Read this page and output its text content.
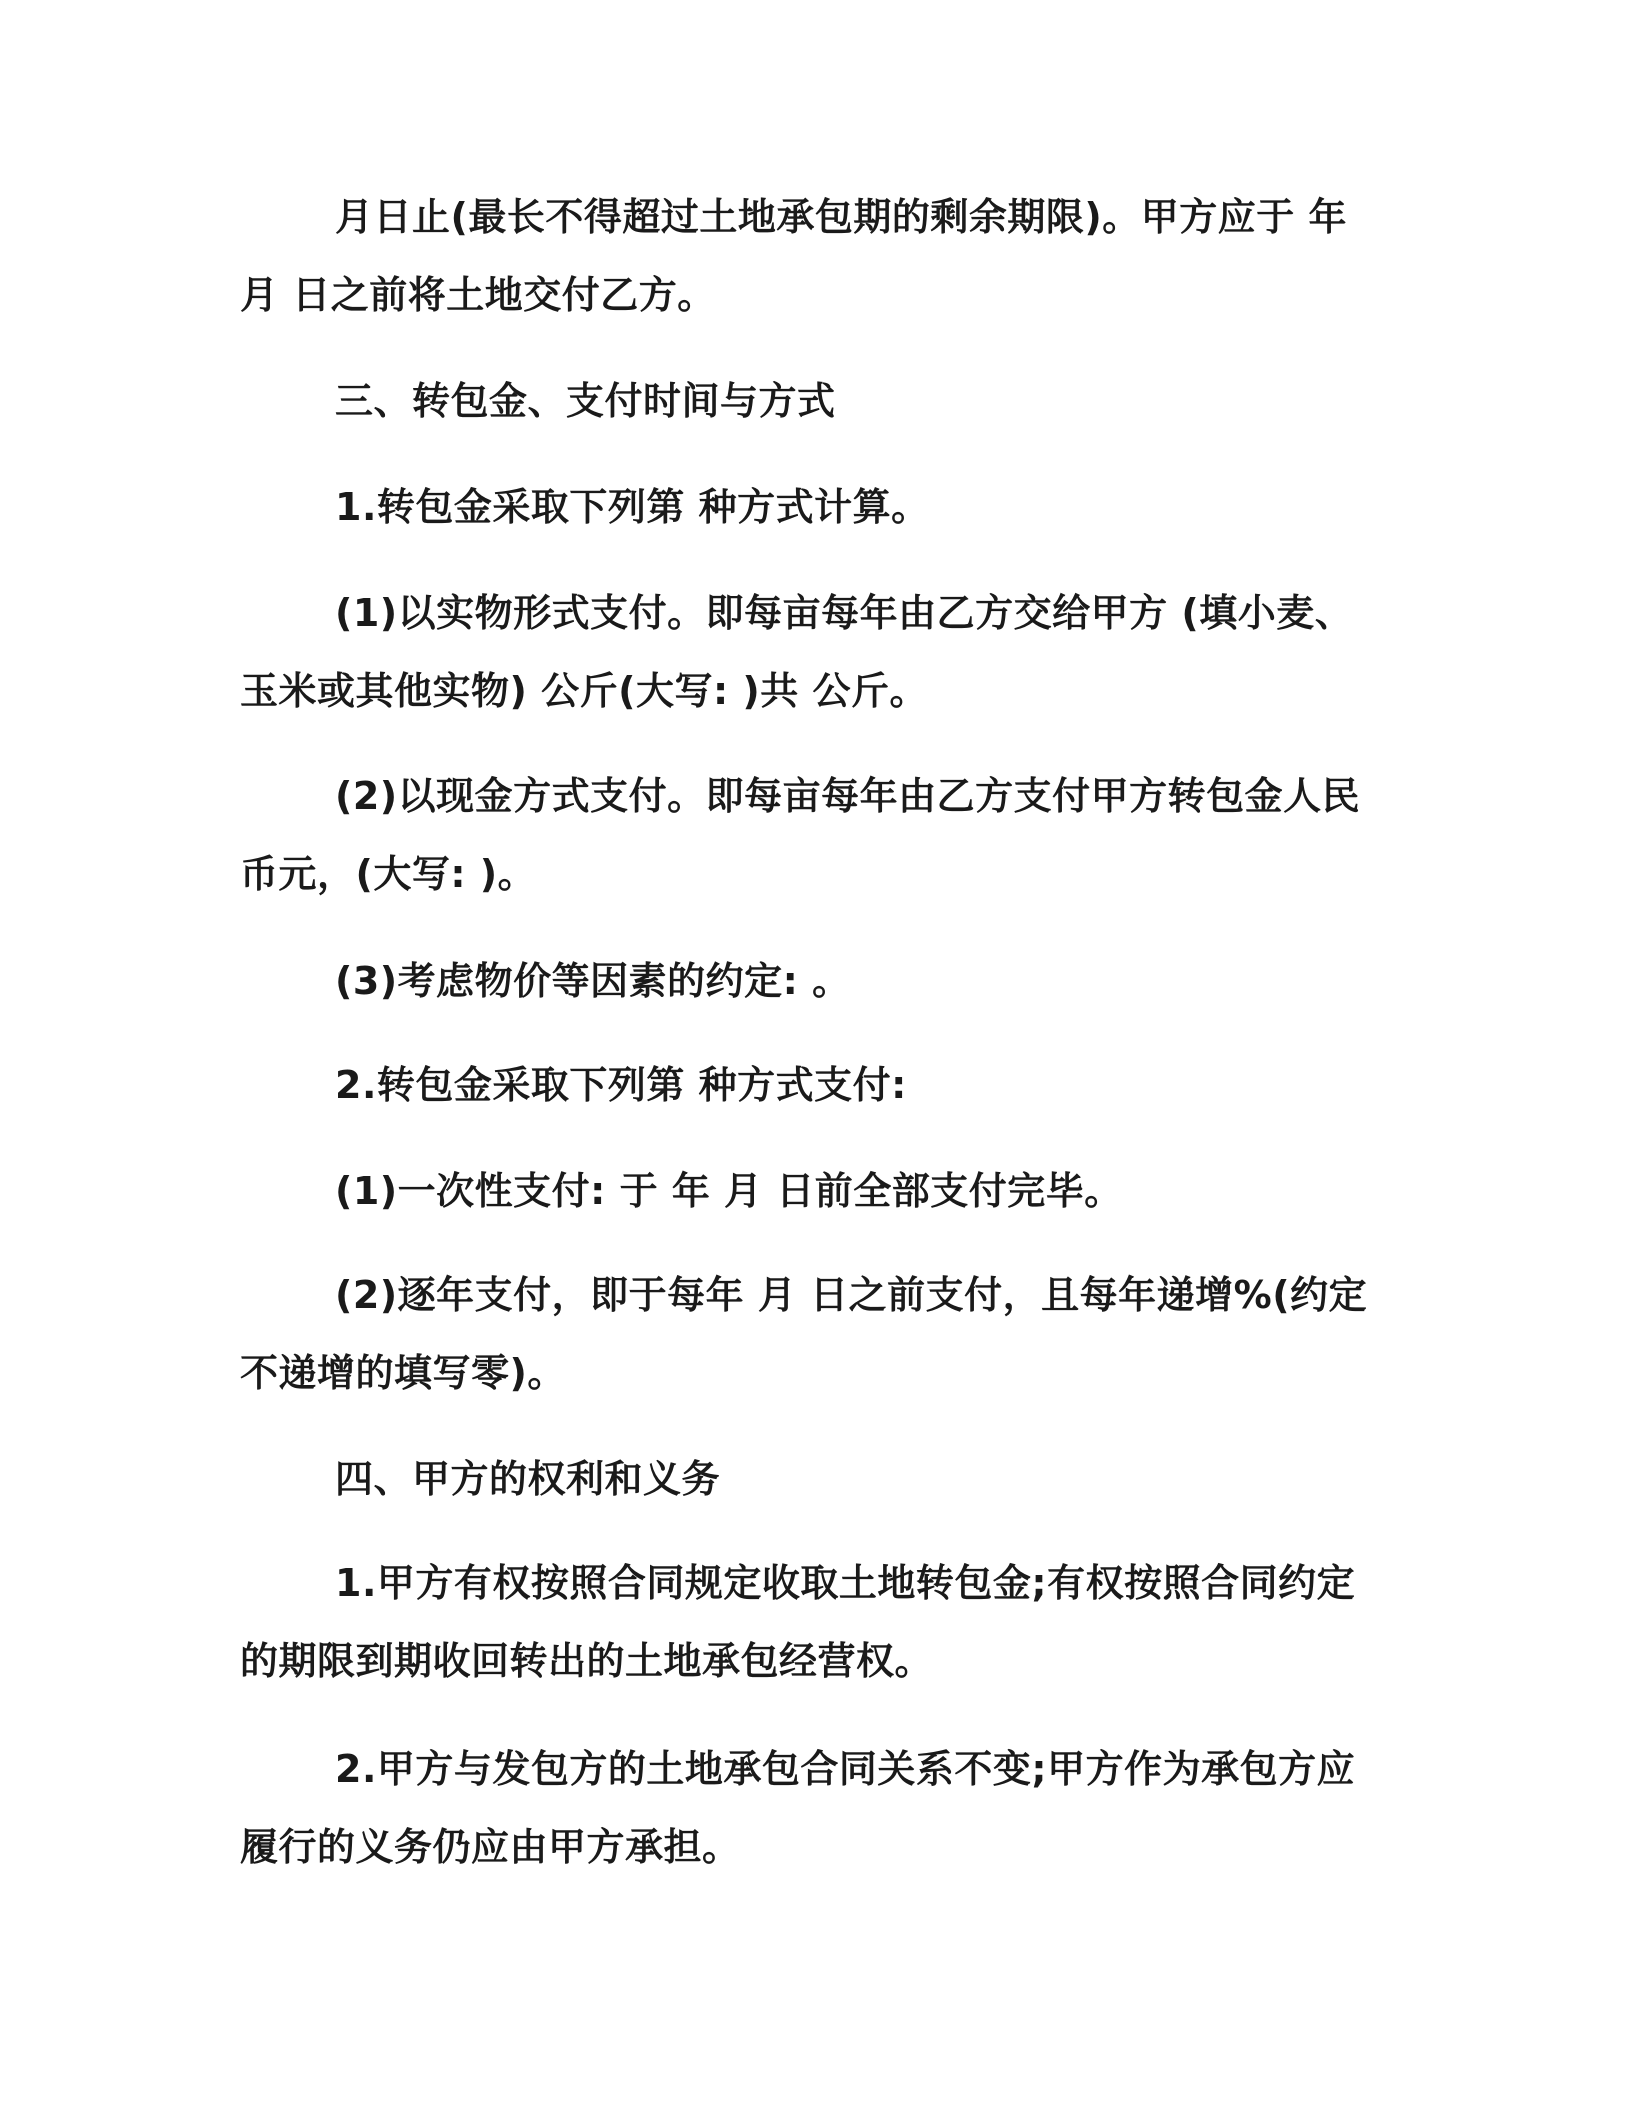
月日止(最长不得超过土地承包期的剩余期限)。甲方应于 年 月 日之前将土地交付乙方。

三、转包金、支付时间与方式

1.转包金采取下列第 种方式计算。

(1)以实物形式支付。即每亩每年由乙方交给甲方 (填小麦、玉米或其他实物) 公斤(大写: )共 公斤。

(2)以现金方式支付。即每亩每年由乙方支付甲方转包金人民币元，(大写: )。

(3)考虑物价等因素的约定: 。

2.转包金采取下列第 种方式支付:

(1)一次性支付: 于 年 月 日前全部支付完毕。

(2)逐年支付，即于每年 月 日之前支付，且每年递增%(约定不递增的填写零)。

四、甲方的权利和义务

1.甲方有权按照合同规定收取土地转包金;有权按照合同约定的期限到期收回转出的土地承包经营权。

2.甲方与发包方的土地承包合同关系不变;甲方作为承包方应履行的义务仍应由甲方承担。
